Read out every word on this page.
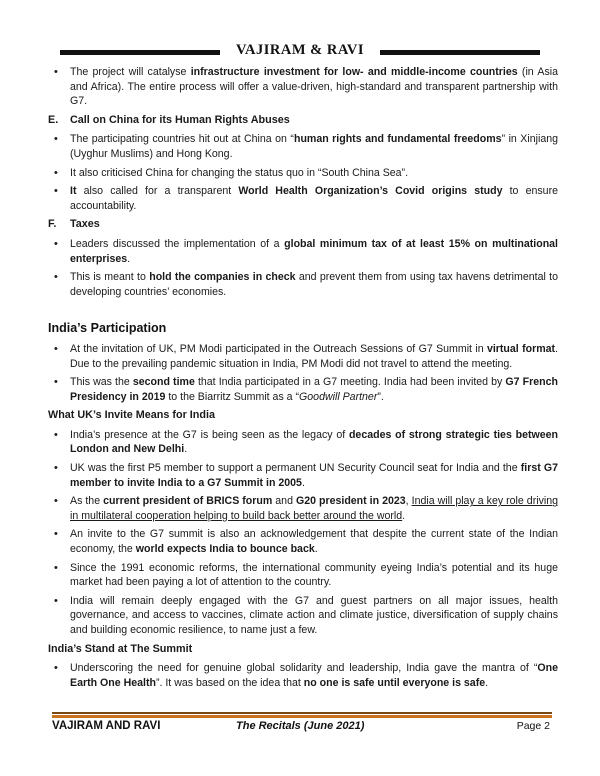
VAJIRAM & RAVI
• The project will catalyse infrastructure investment for low- and middle-income countries (in Asia and Africa). The entire process will offer a value-driven, high-standard and transparent partnership with G7.
E. Call on China for its Human Rights Abuses
• The participating countries hit out at China on “human rights and fundamental freedoms” in Xinjiang (Uyghur Muslims) and Hong Kong.
• It also criticised China for changing the status quo in “South China Sea”.
• It also called for a transparent World Health Organization’s Covid origins study to ensure accountability.
F. Taxes
• Leaders discussed the implementation of a global minimum tax of at least 15% on multinational enterprises.
• This is meant to hold the companies in check and prevent them from using tax havens detrimental to developing countries’ economies.
India’s Participation
• At the invitation of UK, PM Modi participated in the Outreach Sessions of G7 Summit in virtual format. Due to the prevailing pandemic situation in India, PM Modi did not travel to attend the meeting.
• This was the second time that India participated in a G7 meeting. India had been invited by G7 French Presidency in 2019 to the Biarritz Summit as a “Goodwill Partner”.
What UK’s Invite Means for India
• India’s presence at the G7 is being seen as the legacy of decades of strong strategic ties between London and New Delhi.
• UK was the first P5 member to support a permanent UN Security Council seat for India and the first G7 member to invite India to a G7 Summit in 2005.
• As the current president of BRICS forum and G20 president in 2023, India will play a key role driving in multilateral cooperation helping to build back better around the world.
• An invite to the G7 summit is also an acknowledgement that despite the current state of the Indian economy, the world expects India to bounce back.
• Since the 1991 economic reforms, the international community eyeing India’s potential and its huge market had been paying a lot of attention to the country.
• India will remain deeply engaged with the G7 and guest partners on all major issues, health governance, and access to vaccines, climate action and climate justice, diversification of supply chains and building economic resilience, to name just a few.
India’s Stand at The Summit
• Underscoring the need for genuine global solidarity and leadership, India gave the mantra of “One Earth One Health”. It was based on the idea that no one is safe until everyone is safe.
VAJIRAM AND RAVI	The Recitals (June 2021)	Page 2
